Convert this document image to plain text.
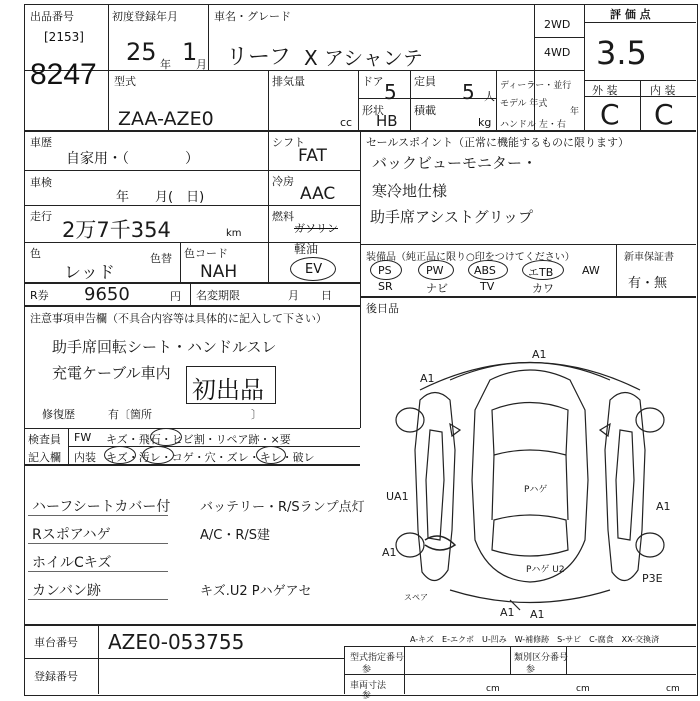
出品番号
[2153]
8247
初度登録年月
25 年 1
月
車名・グレード
リーフ X アシャンテ
2WD
4WD
評 価 点
3.5
外 装	内 装
C C
型式
ZAA-AZE0
排気量
cc
ドア 5 定員 5 人
形状
HB
積載
kg
ディーラー・並行
モデル 年式
年
ハンドル 左・右
車歴
自家用・（　　　　）
シフト
FAT
車検
年　　月(　日)
冷房
AAC
走行
2万7千354	km
燃料
ガソリン
軽油
EV
色
レッド
色替 色コード
NAH
R券 9650	円 名変期限	月　　日
セールスポイント（正常に機能するものに限ります）
バックビューモニター・
寒冷地仕様
助手席アシストグリップ
装備品（純正品に限り○印をつけてください）	新車保証書
有・無
PS	PW	ABS	エTB	AW
SR	ナビ	TV	カワ
後日品
注意事項申告欄（不具合内容等は具体的に記入して下さい）
助手席回転シート・ハンドルスレ
充電ケーブル車内
初出品
修復歴	有〔箇所　　　　　　　　　〕
検査員
記入欄
FW
内装
キズ・飛石・ヒビ割・リペア跡・×要
キズ・汚レ・コゲ・穴・ズレ・キレ・破レ
ハーフシートカバー付
Rスポアハゲ
ホイルCキズ
カンバン跡
バッテリー・R/Sランプ点灯
A/C・R/S建
キズ.U2 Pハゲアセ
A1
A1
UA1
A1
A1
P3E
A1 A1
Pハゲ
Pハゲ U2
スペア
A-キズ　E-エクボ　U-凹み　W-補修跡　S-サビ　C-腐食　XX-交換済
車台番号 AZE0-053755
登録番号
型式指定番号
参
類別区分番号
参
車両寸法
参
cm	cm	cm
